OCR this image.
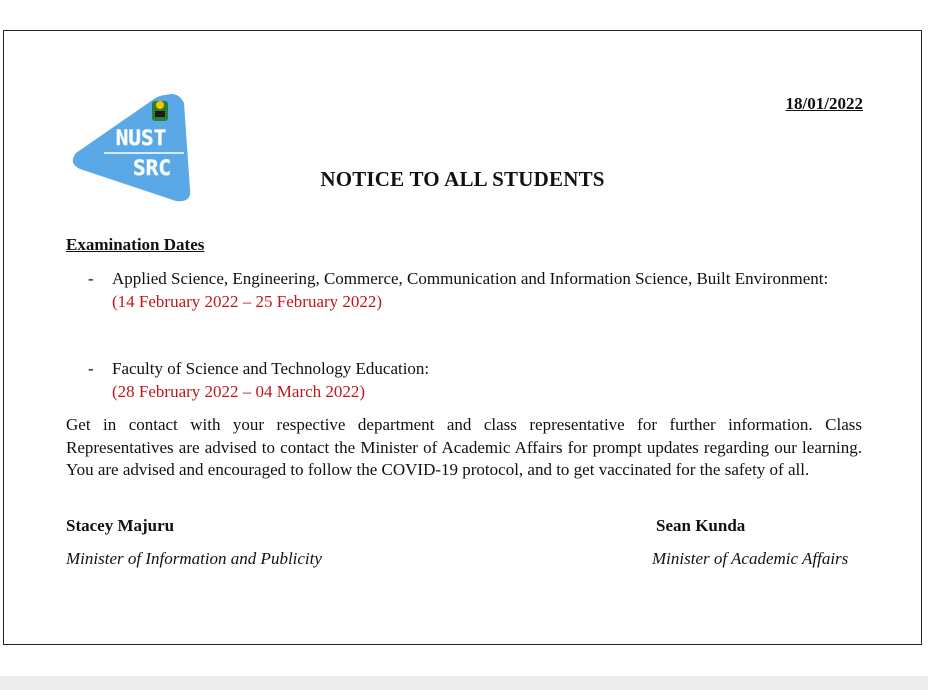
18/01/2022
NUST
SRC	NOTICE TO ALL STUDENTS
Examination Dates
- Applied Science, Engineering, Commerce, Communication and Information Science, Built Environment:
(14 February 2022 – 25 February 2022)
- Faculty of Science and Technology Education:
(28 February 2022 – 04 March 2022)
Get in contact with your respective department and class representative for further information. Class Representatives are advised to contact the Minister of Academic Affairs for prompt updates regarding our learning. You are advised and encouraged to follow the COVID-19 protocol, and to get vaccinated for the safety of all.
Stacey Majuru
Minister of Information and Publicity
Sean Kunda
Minister of Academic Affairs
